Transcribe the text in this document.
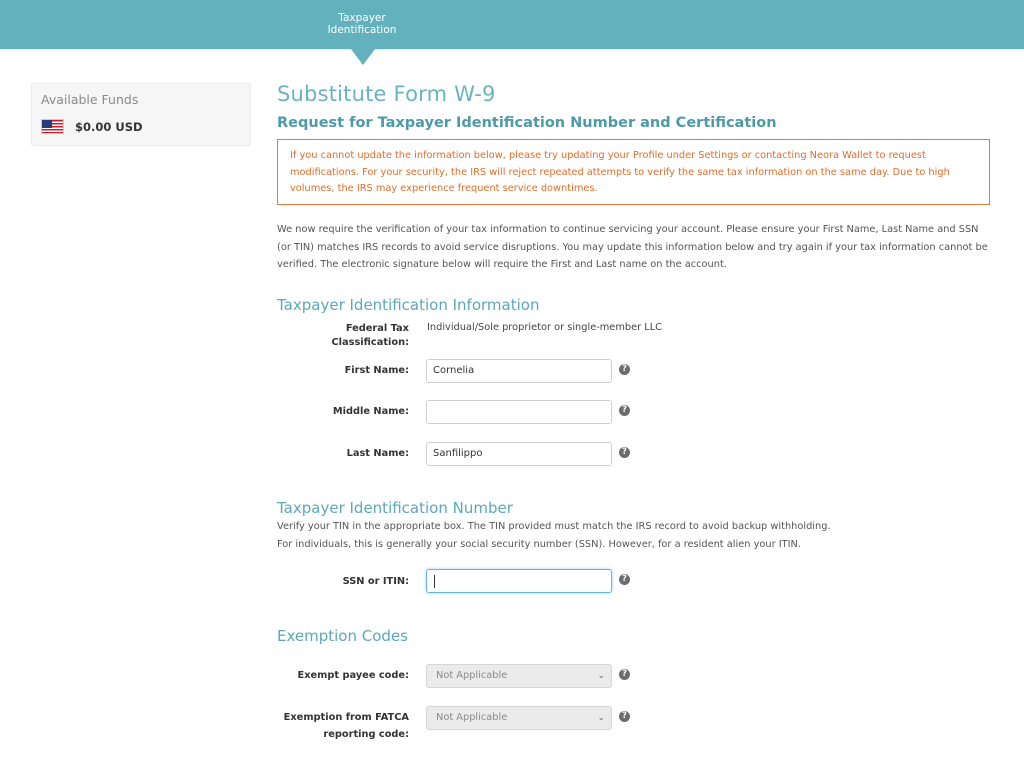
Taxpayer
Identification
Available Funds
$0.00 USD
Substitute Form W-9
Request for Taxpayer Identification Number and Certification
If you cannot update the information below, please try updating your Profile under Settings or contacting Neora Wallet to request modifications. For your security, the IRS will reject repeated attempts to verify the same tax information on the same day. Due to high volumes, the IRS may experience frequent service downtimes.
We now require the verification of your tax information to continue servicing your account. Please ensure your First Name, Last Name and SSN (or TIN) matches IRS records to avoid service disruptions. You may update this information below and try again if your tax information cannot be verified. The electronic signature below will require the First and Last name on the account.
Taxpayer Identification Information
Federal Tax Classification:
Individual/Sole proprietor or single-member LLC
First Name:	Cornelia	?
Middle Name:	?
Last Name:	Sanfilippo	?
Taxpayer Identification Number
Verify your TIN in the appropriate box. The TIN provided must match the IRS record to avoid backup withholding.
For individuals, this is generally your social security number (SSN). However, for a resident alien your ITIN.
SSN or ITIN:	?
Exemption Codes
Exempt payee code:	Not Applicable	⌄	?
Exemption from FATCA
reporting code:
Not Applicable	⌄	?
